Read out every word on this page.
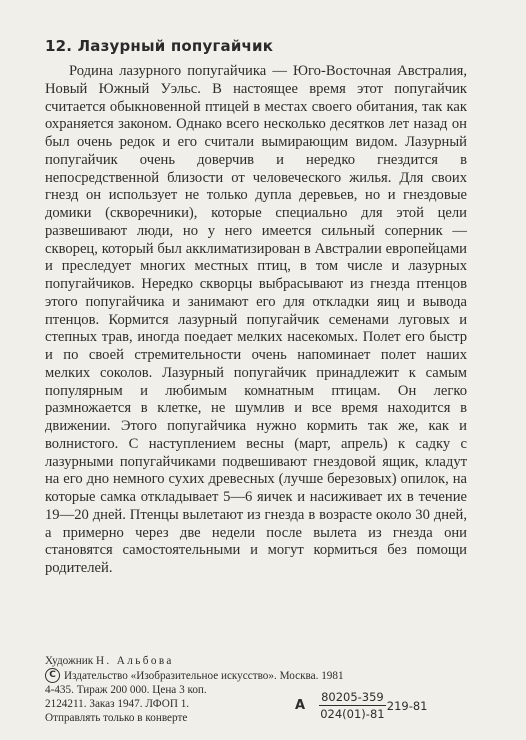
12. Лазурный попугайчик
Родина лазурного попугайчика — Юго-Восточная Австралия, Новый Южный Уэльс. В настоящее время этот попугайчик считается обыкновенной птицей в местах своего обитания, так как охраняется законом. Однако всего несколько десятков лет назад он был очень редок и его считали вымирающим видом. Лазурный попугайчик очень доверчив и нередко гнездится в непосредственной близости от человеческого жилья. Для своих гнезд он использует не только дупла деревьев, но и гнездовые домики (скворечники), которые специально для этой цели развешивают люди, но у него имеется сильный соперник — скворец, который был акклиматизирован в Австралии европейцами и преследует многих местных птиц, в том числе и лазурных попугайчиков. Нередко скворцы выбрасывают из гнезда птенцов этого попугайчика и занимают его для откладки яиц и вывода птенцов. Кормится лазурный попугайчик семенами луговых и степных трав, иногда поедает мелких насекомых. Полет его быстр и по своей стремительности очень напоминает полет наших мелких соколов. Лазурный попугайчик принадлежит к самым популярным и любимым комнатным птицам. Он легко размножается в клетке, не шумлив и все время находится в движении. Этого попугайчика нужно кормить так же, как и волнистого. С наступлением весны (март, апрель) к садку с лазурными попугайчиками подвешивают гнездовой ящик, кладут на его дно немного сухих древесных (лучше березовых) опилок, на которые самка откладывает 5—6 яичек и насиживает их в течение 19—20 дней. Птенцы вылетают из гнезда в возрасте около 30 дней, а примерно через две недели после вылета из гнезда они становятся самостоятельными и могут кормиться без помощи родителей.
Художник Н. Альбова
С Издательство «Изобразительное искусство». Москва. 1981
4-435. Тираж 200 000. Цена 3 коп.
2124211. Заказ 1947. ЛФОП 1.
Отправлять только в конверте
А $\frac{80205-359}{024(01)-81} 219-81$
